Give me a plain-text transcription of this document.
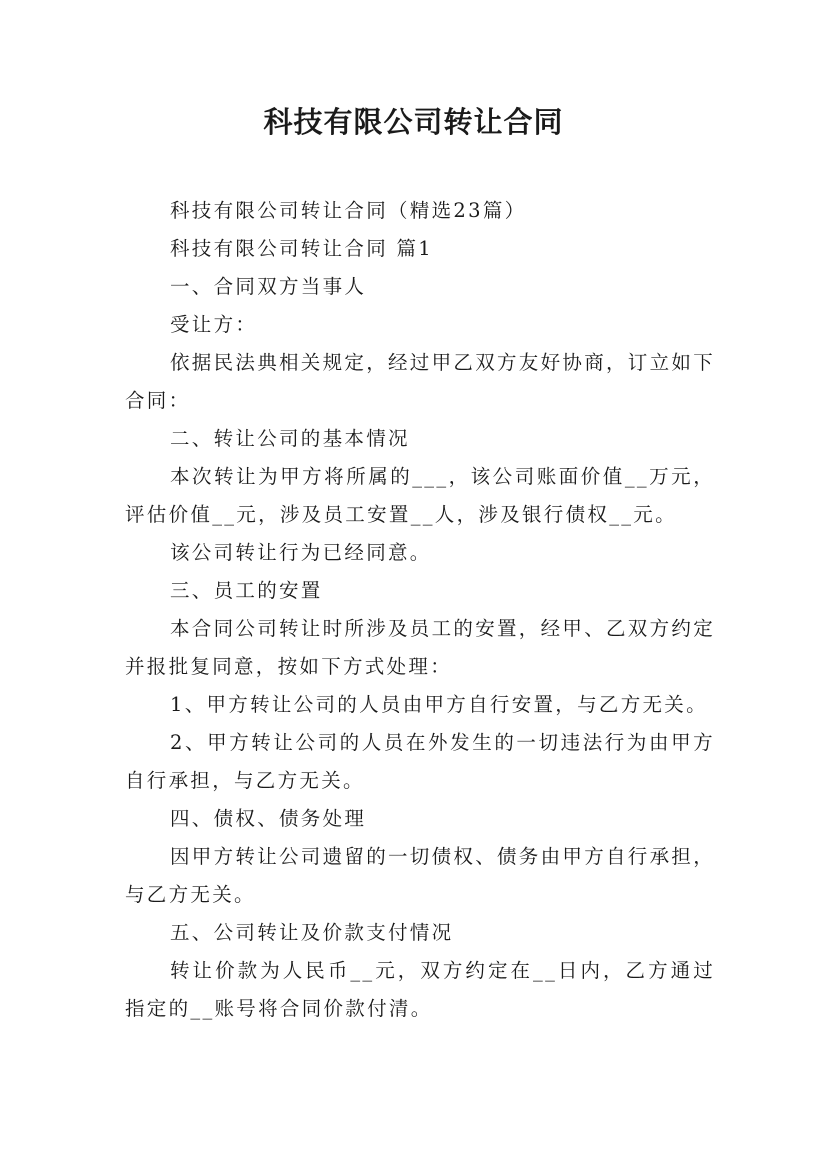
科技有限公司转让合同

科技有限公司转让合同（精选23篇）

科技有限公司转让合同 篇1

一、合同双方当事人

受让方：

依据民法典相关规定，经过甲乙双方友好协商，订立如下合同：

二、转让公司的基本情况

本次转让为甲方将所属的___，该公司账面价值__万元，评估价值__元，涉及员工安置__人，涉及银行债权__元。

该公司转让行为已经同意。

三、员工的安置

本合同公司转让时所涉及员工的安置，经甲、乙双方约定并报批复同意，按如下方式处理：

1、甲方转让公司的人员由甲方自行安置，与乙方无关。

2、甲方转让公司的人员在外发生的一切违法行为由甲方自行承担，与乙方无关。

四、债权、债务处理

因甲方转让公司遗留的一切债权、债务由甲方自行承担，与乙方无关。

五、公司转让及价款支付情况

转让价款为人民币__元，双方约定在__日内，乙方通过指定的__账号将合同价款付清。
